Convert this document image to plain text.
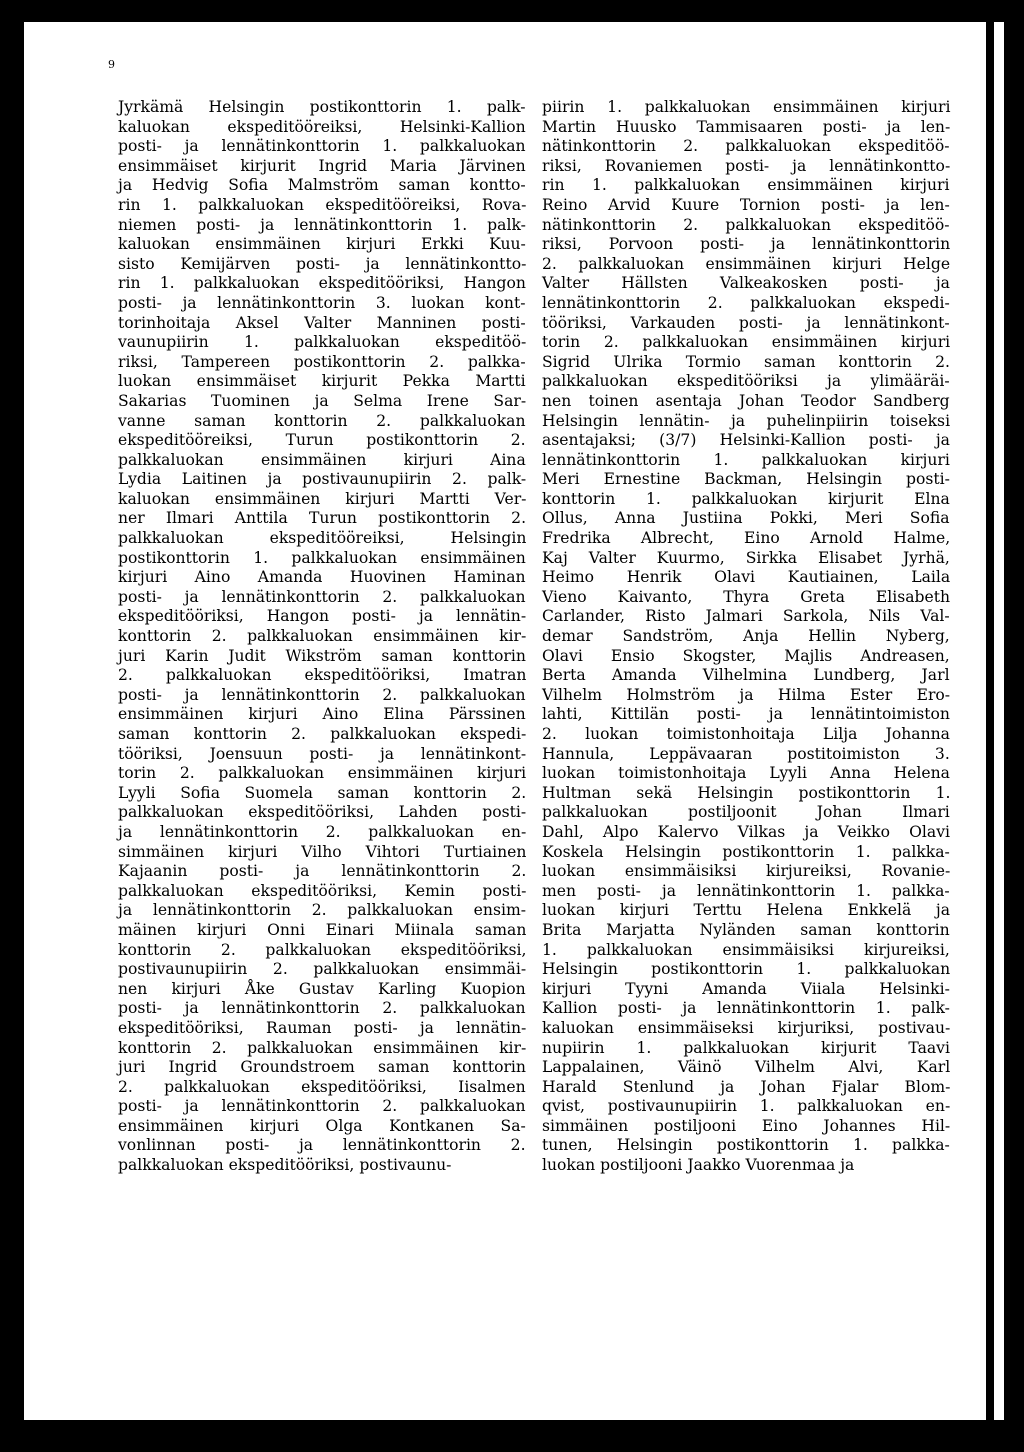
9
Jyrkämä Helsingin postikonttorin 1. palk-
kaluokan ekspeditööreiksi, Helsinki-Kallion
posti- ja lennätinkonttorin 1. palkkaluokan
ensimmäiset kirjurit Ingrid Maria Järvinen
ja Hedvig Sofia Malmström saman kontto-
rin 1. palkkaluokan ekspeditööreiksi, Rova-
niemen posti- ja lennätinkonttorin 1. palk-
kaluokan ensimmäinen kirjuri Erkki Kuu-
sisto Kemijärven posti- ja lennätinkontto-
rin 1. palkkaluokan ekspeditööriksi, Hangon
posti- ja lennätinkonttorin 3. luokan kont-
torinhoitaja Aksel Valter Manninen posti-
vaunupiirin 1. palkkaluokan ekspeditöö-
riksi, Tampereen postikonttorin 2. palkka-
luokan ensimmäiset kirjurit Pekka Martti
Sakarias Tuominen ja Selma Irene Sar-
vanne saman konttorin 2. palkkaluokan
ekspeditööreiksi, Turun postikonttorin 2.
palkkaluokan ensimmäinen kirjuri Aina
Lydia Laitinen ja postivaunupiirin 2. palk-
kaluokan ensimmäinen kirjuri Martti Ver-
ner Ilmari Anttila Turun postikonttorin 2.
palkkaluokan ekspeditööreiksi, Helsingin
postikonttorin 1. palkkaluokan ensimmäinen
kirjuri Aino Amanda Huovinen Haminan
posti- ja lennätinkonttorin 2. palkkaluokan
ekspeditööriksi, Hangon posti- ja lennätin-
konttorin 2. palkkaluokan ensimmäinen kir-
juri Karin Judit Wikström saman konttorin
2. palkkaluokan ekspeditööriksi, Imatran
posti- ja lennätinkonttorin 2. palkkaluokan
ensimmäinen kirjuri Aino Elina Pärssinen
saman konttorin 2. palkkaluokan ekspedi-
tööriksi, Joensuun posti- ja lennätinkont-
torin 2. palkkaluokan ensimmäinen kirjuri
Lyyli Sofia Suomela saman konttorin 2.
palkkaluokan ekspeditööriksi, Lahden posti-
ja lennätinkonttorin 2. palkkaluokan en-
simmäinen kirjuri Vilho Vihtori Turtiainen
Kajaanin posti- ja lennätinkonttorin 2.
palkkaluokan ekspeditööriksi, Kemin posti-
ja lennätinkonttorin 2. palkkaluokan ensim-
mäinen kirjuri Onni Einari Miinala saman
konttorin 2. palkkaluokan ekspeditööriksi,
postivaunupiirin 2. palkkaluokan ensimmäi-
nen kirjuri Åke Gustav Karling Kuopion
posti- ja lennätinkonttorin 2. palkkaluokan
ekspeditööriksi, Rauman posti- ja lennätin-
konttorin 2. palkkaluokan ensimmäinen kir-
juri Ingrid Groundstroem saman konttorin
2. palkkaluokan ekspeditööriksi, Iisalmen
posti- ja lennätinkonttorin 2. palkkaluokan
ensimmäinen kirjuri Olga Kontkanen Sa-
vonlinnan posti- ja lennätinkonttorin 2.
palkkaluokan ekspeditööriksi, postivaunu-
piirin 1. palkkaluokan ensimmäinen kirjuri
Martin Huusko Tammisaaren posti- ja len-
nätinkonttorin 2. palkkaluokan ekspeditöö-
riksi, Rovaniemen posti- ja lennätinkontto-
rin 1. palkkaluokan ensimmäinen kirjuri
Reino Arvid Kuure Tornion posti- ja len-
nätinkonttorin 2. palkkaluokan ekspeditöö-
riksi, Porvoon posti- ja lennätinkonttorin
2. palkkaluokan ensimmäinen kirjuri Helge
Valter Hällsten Valkeakosken posti- ja
lennätinkonttorin 2. palkkaluokan ekspedi-
tööriksi, Varkauden posti- ja lennätinkont-
torin 2. palkkaluokan ensimmäinen kirjuri
Sigrid Ulrika Tormio saman konttorin 2.
palkkaluokan ekspeditööriksi ja ylimääräi-
nen toinen asentaja Johan Teodor Sandberg
Helsingin lennätin- ja puhelinpiirin toiseksi
asentajaksi; (3/7) Helsinki-Kallion posti- ja
lennätinkonttorin 1. palkkaluokan kirjuri
Meri Ernestine Backman, Helsingin posti-
konttorin 1. palkkaluokan kirjurit Elna
Ollus, Anna Justiina Pokki, Meri Sofia
Fredrika Albrecht, Eino Arnold Halme,
Kaj Valter Kuurmo, Sirkka Elisabet Jyrhä,
Heimo Henrik Olavi Kautiainen, Laila
Vieno Kaivanto, Thyra Greta Elisabeth
Carlander, Risto Jalmari Sarkola, Nils Val-
demar Sandström, Anja Hellin Nyberg,
Olavi Ensio Skogster, Majlis Andreasen,
Berta Amanda Vilhelmina Lundberg, Jarl
Vilhelm Holmström ja Hilma Ester Ero-
lahti, Kittilän posti- ja lennätintoimiston
2. luokan toimistonhoitaja Lilja Johanna
Hannula, Leppävaaran postitoimiston 3.
luokan toimistonhoitaja Lyyli Anna Helena
Hultman sekä Helsingin postikonttorin 1.
palkkaluokan postiljoonit Johan Ilmari
Dahl, Alpo Kalervo Vilkas ja Veikko Olavi
Koskela Helsingin postikonttorin 1. palkka-
luokan ensimmäisiksi kirjureiksi, Rovanie-
men posti- ja lennätinkonttorin 1. palkka-
luokan kirjuri Terttu Helena Enkkelä ja
Brita Marjatta Nyländen saman konttorin
1. palkkaluokan ensimmäisiksi kirjureiksi,
Helsingin postikonttorin 1. palkkaluokan
kirjuri Tyyni Amanda Viiala Helsinki-
Kallion posti- ja lennätinkonttorin 1. palk-
kaluokan ensimmäiseksi kirjuriksi, postivau-
nupiirin 1. palkkaluokan kirjurit Taavi
Lappalainen, Väinö Vilhelm Alvi, Karl
Harald Stenlund ja Johan Fjalar Blom-
qvist, postivaunupiirin 1. palkkaluokan en-
simmäinen postiljooni Eino Johannes Hil-
tunen, Helsingin postikonttorin 1. palkka-
luokan postiljooni Jaakko Vuorenmaa ja
